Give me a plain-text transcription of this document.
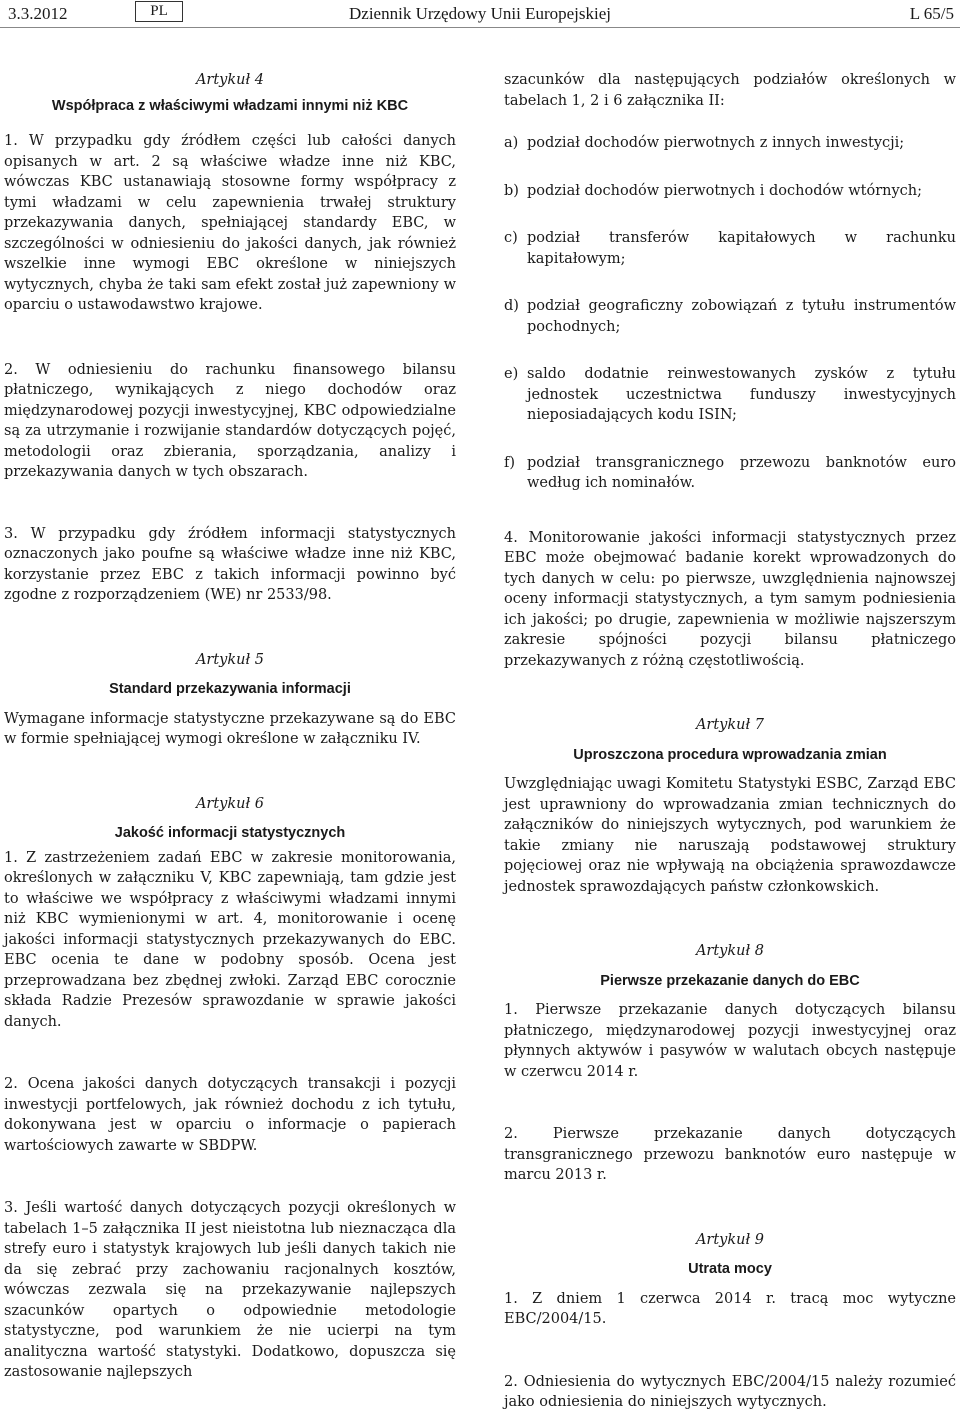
3.3.2012	PL	Dziennik Urzędowy Unii Europejskiej	L 65/5
Artykuł 4
Współpraca z właściwymi władzami innymi niż KBC

1. W przypadku gdy źródłem części lub całości danych opisanych w art. 2 są właściwe władze inne niż KBC, wówczas KBC ustanawiają stosowne formy współpracy z tymi władzami w celu zapewnienia trwałej struktury przekazywania danych, spełniającej standardy EBC, w szczególności w odniesieniu do jakości danych, jak również wszelkie inne wymogi EBC określone w niniejszych wytycznych, chyba że taki sam efekt został już zapewniony w oparciu o ustawodawstwo krajowe.

2. W odniesieniu do rachunku finansowego bilansu płatniczego, wynikających z niego dochodów oraz międzynarodowej pozycji inwestycyjnej, KBC odpowiedzialne są za utrzymanie i rozwijanie standardów dotyczących pojęć, metodologii oraz zbierania, sporządzania, analizy i przekazywania danych w tych obszarach.

3. W przypadku gdy źródłem informacji statystycznych oznaczonych jako poufne są właściwe władze inne niż KBC, korzystanie przez EBC z takich informacji powinno być zgodne z rozporządzeniem (WE) nr 2533/98.

Artykuł 5
Standard przekazywania informacji

Wymagane informacje statystyczne przekazywane są do EBC w formie spełniającej wymogi określone w załączniku IV.

Artykuł 6
Jakość informacji statystycznych

1. Z zastrzeżeniem zadań EBC w zakresie monitorowania, określonych w załączniku V, KBC zapewniają, tam gdzie jest to właściwe we współpracy z właściwymi władzami innymi niż KBC wymienionymi w art. 4, monitorowanie i ocenę jakości informacji statystycznych przekazywanych do EBC. EBC ocenia te dane w podobny sposób. Ocena jest przeprowadzana bez zbędnej zwłoki. Zarząd EBC corocznie składa Radzie Prezesów sprawozdanie w sprawie jakości danych.

2. Ocena jakości danych dotyczących transakcji i pozycji inwestycji portfelowych, jak również dochodu z ich tytułu, dokonywana jest w oparciu o informacje o papierach wartościowych zawarte w SBDPW.

3. Jeśli wartość danych dotyczących pozycji określonych w tabelach 1–5 załącznika II jest nieistotna lub nieznacząca dla strefy euro i statystyk krajowych lub jeśli danych takich nie da się zebrać przy zachowaniu racjonalnych kosztów, wówczas zezwala się na przekazywanie najlepszych szacunków opartych o odpowiednie metodologie statystyczne, pod warunkiem że nie ucierpi na tym analityczna wartość statystyki. Dodatkowo, dopuszcza się zastosowanie najlepszych

szacunków dla następujących podziałów określonych w tabelach 1, 2 i 6 załącznika II:

a) podział dochodów pierwotnych z innych inwestycji;
b) podział dochodów pierwotnych i dochodów wtórnych;
c) podział transferów kapitałowych w rachunku kapitałowym;
d) podział geograficzny zobowiązań z tytułu instrumentów pochodnych;
e) saldo dodatnie reinwestowanych zysków z tytułu jednostek uczestnictwa funduszy inwestycyjnych nieposiadających kodu ISIN;
f) podział transgranicznego przewozu banknotów euro według ich nominałów.

4. Monitorowanie jakości informacji statystycznych przez EBC może obejmować badanie korekt wprowadzonych do tych danych w celu: po pierwsze, uwzględnienia najnowszej oceny informacji statystycznych, a tym samym podniesienia ich jakości; po drugie, zapewnienia w możliwie najszerszym zakresie spójności pozycji bilansu płatniczego przekazywanych z różną częstotliwością.

Artykuł 7
Uproszczona procedura wprowadzania zmian

Uwzględniając uwagi Komitetu Statystyki ESBC, Zarząd EBC jest uprawniony do wprowadzania zmian technicznych do załączników do niniejszych wytycznych, pod warunkiem że takie zmiany nie naruszają podstawowej struktury pojęciowej oraz nie wpływają na obciążenia sprawozdawcze jednostek sprawozdających państw członkowskich.

Artykuł 8
Pierwsze przekazanie danych do EBC

1. Pierwsze przekazanie danych dotyczących bilansu płatniczego, międzynarodowej pozycji inwestycyjnej oraz płynnych aktywów i pasywów w walutach obcych następuje w czerwcu 2014 r.

2. Pierwsze przekazanie danych dotyczących transgranicznego przewozu banknotów euro następuje w marcu 2013 r.

Artykuł 9
Utrata mocy

1. Z dniem 1 czerwca 2014 r. tracą moc wytyczne EBC/2004/15.

2. Odniesienia do wytycznych EBC/2004/15 należy rozumieć jako odniesienia do niniejszych wytycznych.
